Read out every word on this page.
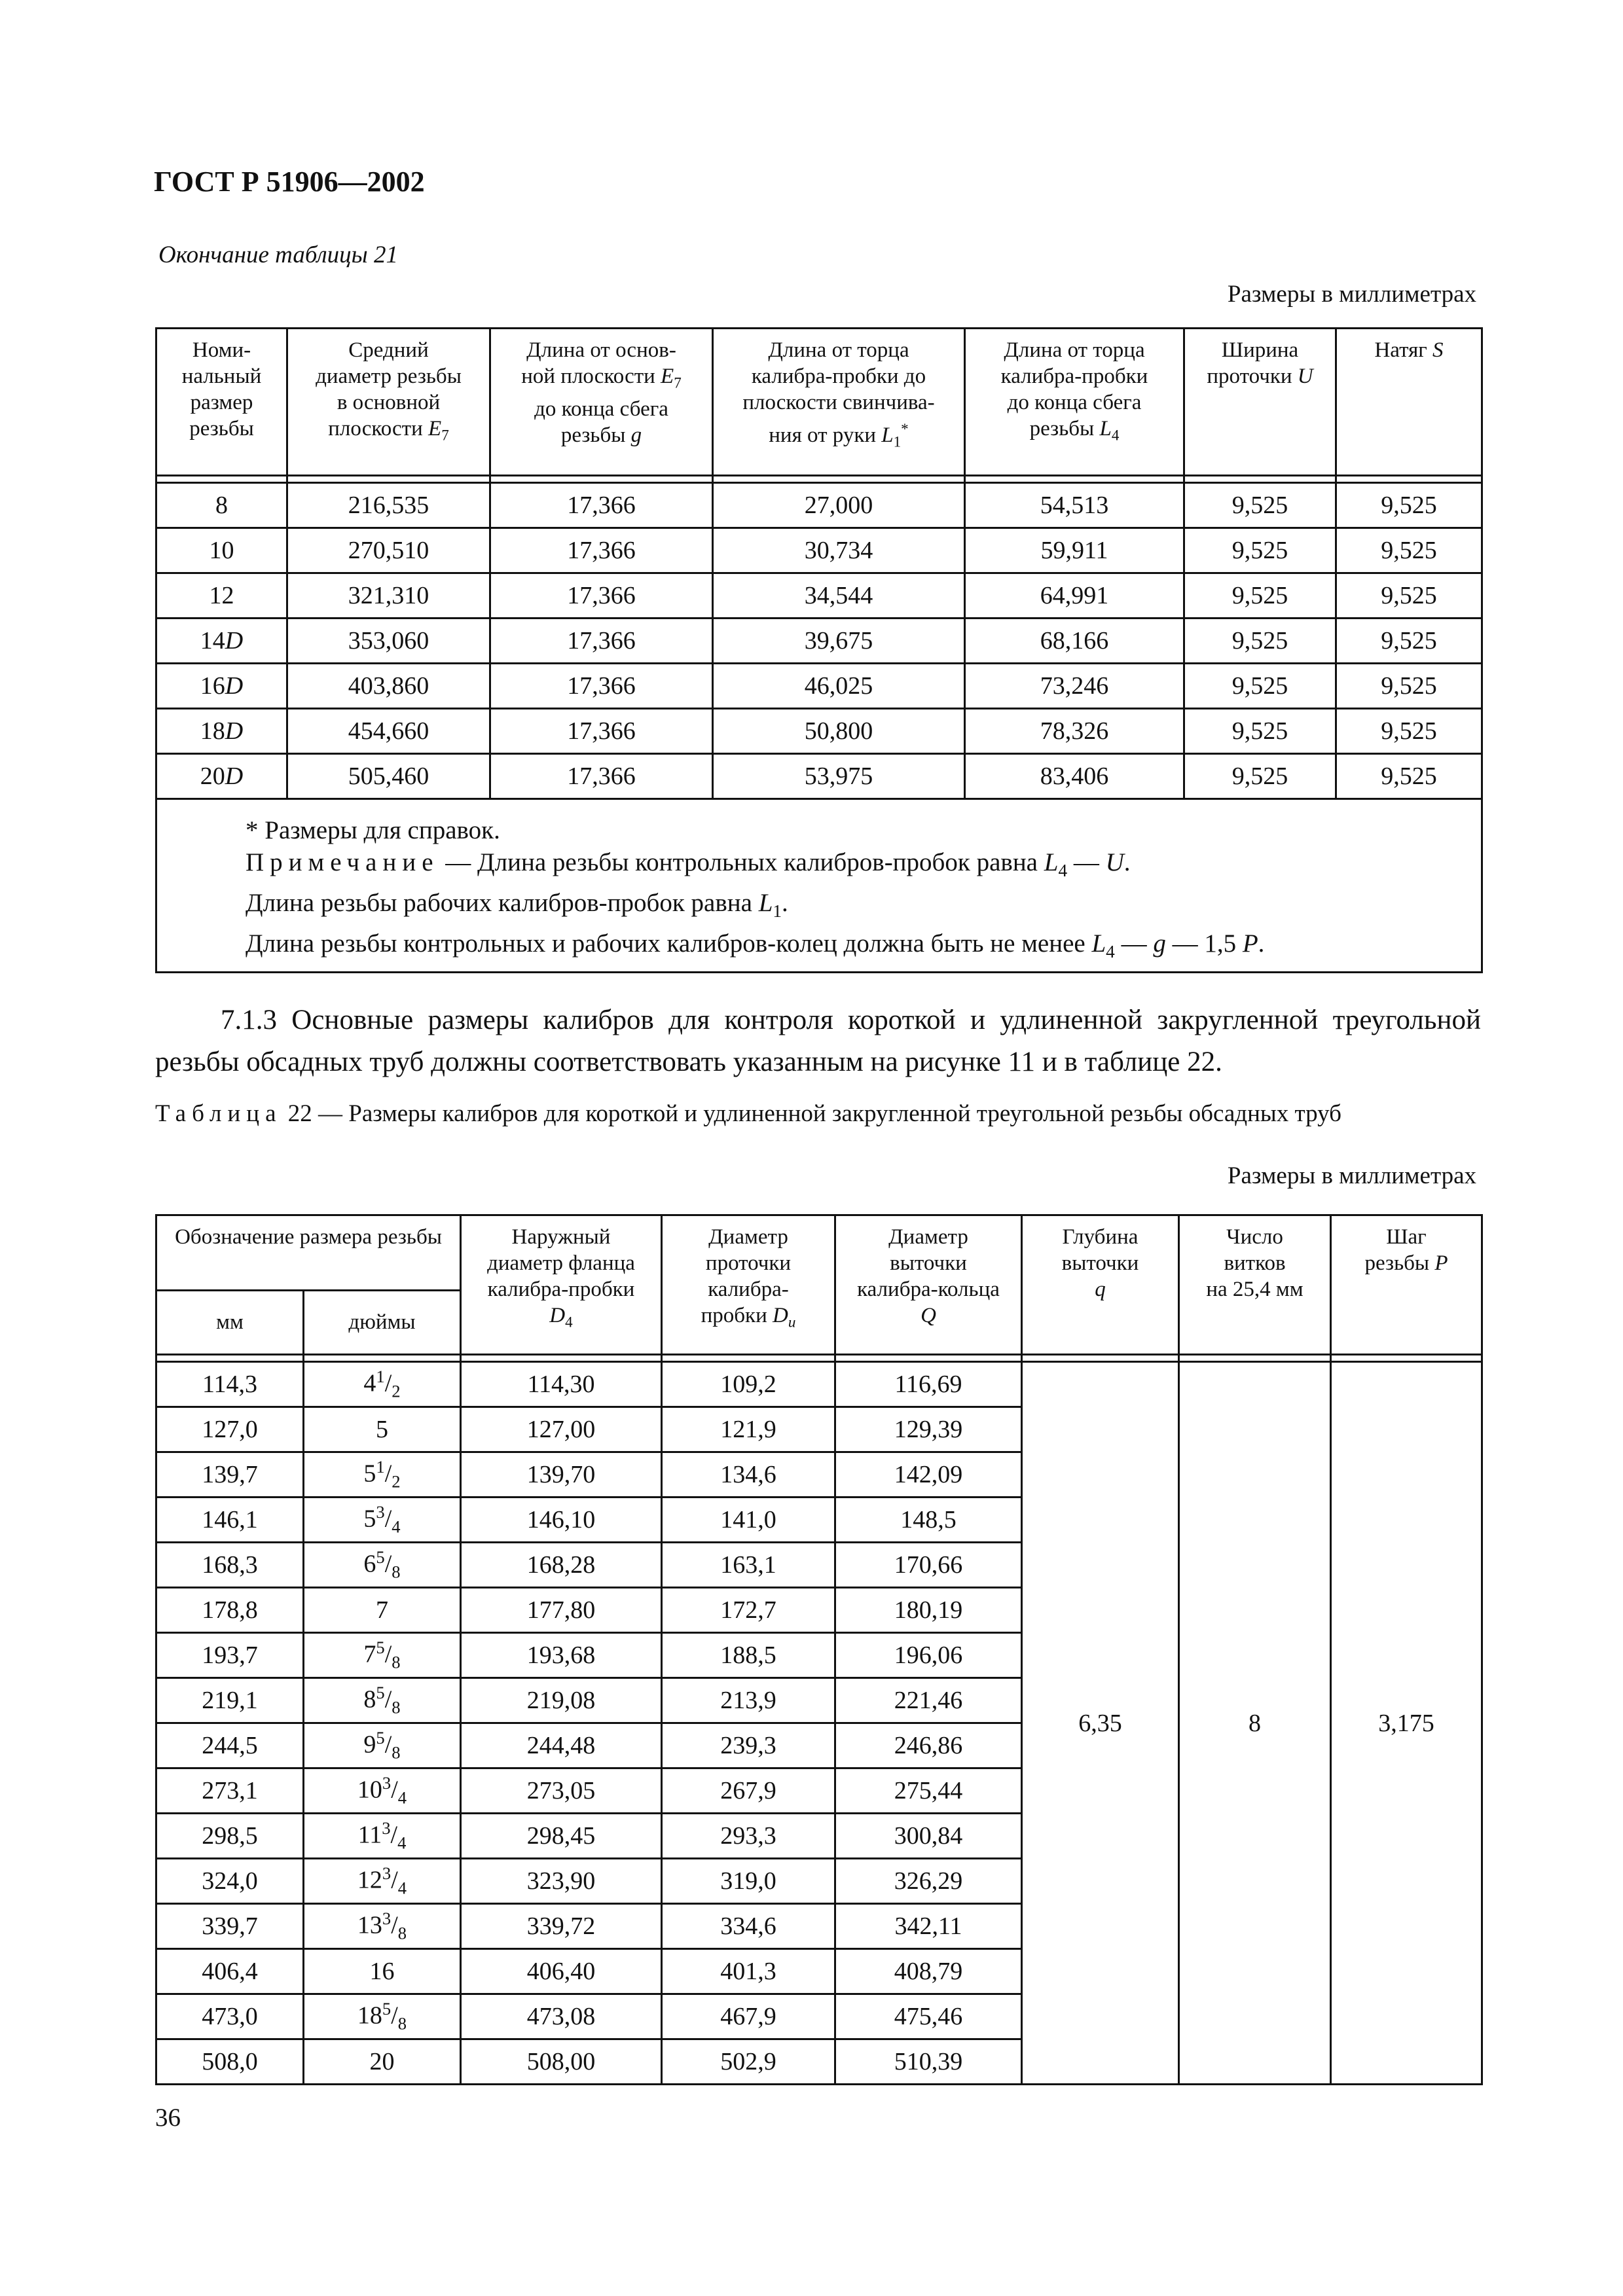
ГОСТ Р 51906—2002
Окончание таблицы 21
Размеры в миллиметрах
Номи-
нальный
размер
резьбы	Средний
диаметр резьбы
в основной
плоскости $E_7$	Длина от основ-
ной плоскости $E_7$
до конца сбега
резьбы g	Длина от торца
калибра-пробки до
плоскости свинчива-
ния от руки $L_1^*$	Длина от торца
калибра-пробки
до конца сбега
резьбы $L_4$	Ширина
проточки U	Натяг S

8	216,535	17,366	27,000	54,513	9,525	9,525
10	270,510	17,366	30,734	59,911	9,525	9,525
12	321,310	17,366	34,544	64,991	9,525	9,525
14D	353,060	17,366	39,675	68,166	9,525	9,525
16D	403,860	17,366	46,025	73,246	9,525	9,525
18D	454,660	17,366	50,800	78,326	9,525	9,525
20D	505,460	17,366	53,975	83,406	9,525	9,525

* Размеры для справок.
Примечание — Длина резьбы контрольных калибров-пробок равна $L_4$ — U.
Длина резьбы рабочих калибров-пробок равна $L_1$.
Длина резьбы контрольных и рабочих калибров-колец должна быть не менее $L_4$ — g — 1,5 P.						
7.1.3 Основные размеры калибров для контроля короткой и удлиненной закругленной треугольной резьбы обсадных труб должны соответствовать указанным на рисунке 11 и в таблице 22.
Таблица 22 — Размеры калибров для короткой и удлиненной закругленной треугольной резьбы обсадных труб
Размеры в миллиметрах
Обозначение размера резьбы		Наружный
диаметр фланца
калибра-пробки
$D_4$	Диаметр
проточки
калибра-
пробки $D_u$	Диаметр
выточки
калибра-кольца
Q	Глубина
выточки
q	Число
витков
на 25,4 мм	Шаг
резьбы P
мм	дюймы						

114,3	$4^1/_2$	114,30	109,2	116,69	6,35	8	3,175
127,0	5	127,00	121,9	129,39			
139,7	$5^1/_2$	139,70	134,6	142,09			
146,1	$5^3/_4$	146,10	141,0	148,5			
168,3	$6^5/_8$	168,28	163,1	170,66			
178,8	7	177,80	172,7	180,19			
193,7	$7^5/_8$	193,68	188,5	196,06			
219,1	$8^5/_8$	219,08	213,9	221,46			
244,5	$9^5/_8$	244,48	239,3	246,86			
273,1	$10^3/_4$	273,05	267,9	275,44			
298,5	$11^3/_4$	298,45	293,3	300,84			
324,0	$12^3/_4$	323,90	319,0	326,29			
339,7	$13^3/_8$	339,72	334,6	342,11			
406,4	16	406,40	401,3	408,79			
473,0	$18^5/_8$	473,08	467,9	475,46			
508,0	20	508,00	502,9	510,39			
36
